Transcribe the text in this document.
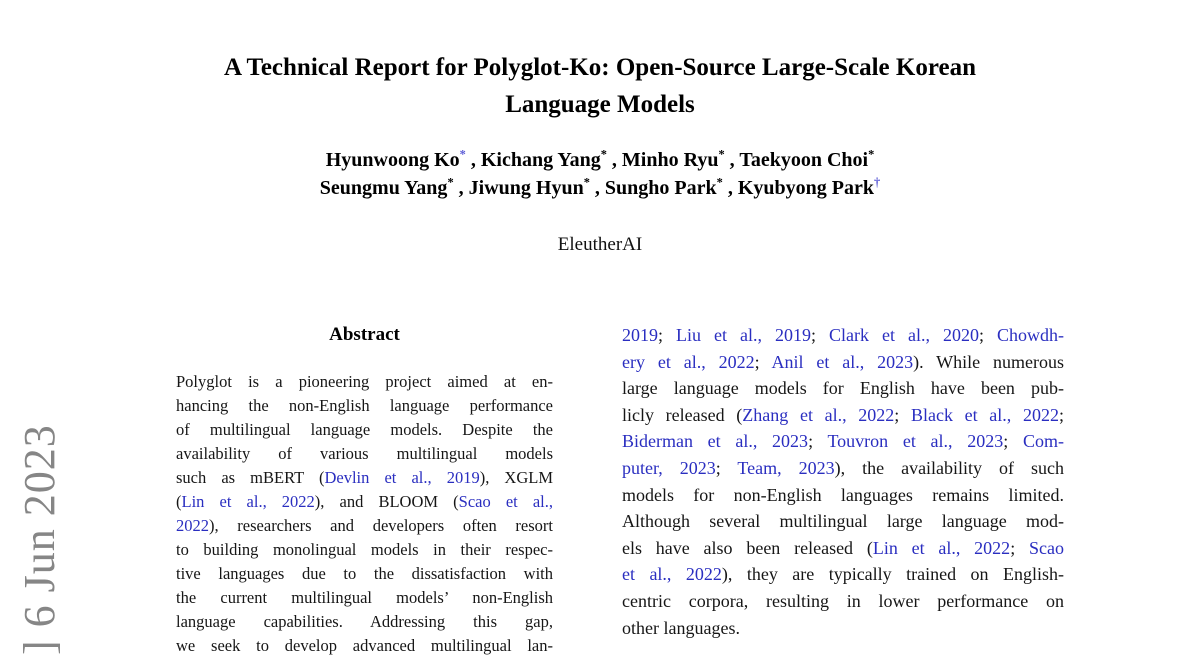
] 6 Jun 2023
A Technical Report for Polyglot-Ko: Open-Source Large-Scale Korean
Language Models
Hyunwoong Ko* , Kichang Yang* , Minho Ryu* , Taekyoon Choi*
Seungmu Yang* , Jiwung Hyun* , Sungho Park* , Kyubyong Park†
EleutherAI
Abstract
Polyglot is a pioneering project aimed at en-
hancing the non-English language performance
of multilingual language models. Despite the
availability of various multilingual models
such as mBERT (Devlin et al., 2019), XGLM
(Lin et al., 2022), and BLOOM (Scao et al.,
2022), researchers and developers often resort
to building monolingual models in their respec-
tive languages due to the dissatisfaction with
the current multilingual models’ non-English
language capabilities. Addressing this gap,
we seek to develop advanced multilingual lan-
2019; Liu et al., 2019; Clark et al., 2020; Chowdh-
ery et al., 2022; Anil et al., 2023). While numerous
large language models for English have been pub-
licly released (Zhang et al., 2022; Black et al., 2022;
Biderman et al., 2023; Touvron et al., 2023; Com-
puter, 2023; Team, 2023), the availability of such
models for non-English languages remains limited.
Although several multilingual large language mod-
els have also been released (Lin et al., 2022; Scao
et al., 2022), they are typically trained on English-
centric corpora, resulting in lower performance on
other languages.
